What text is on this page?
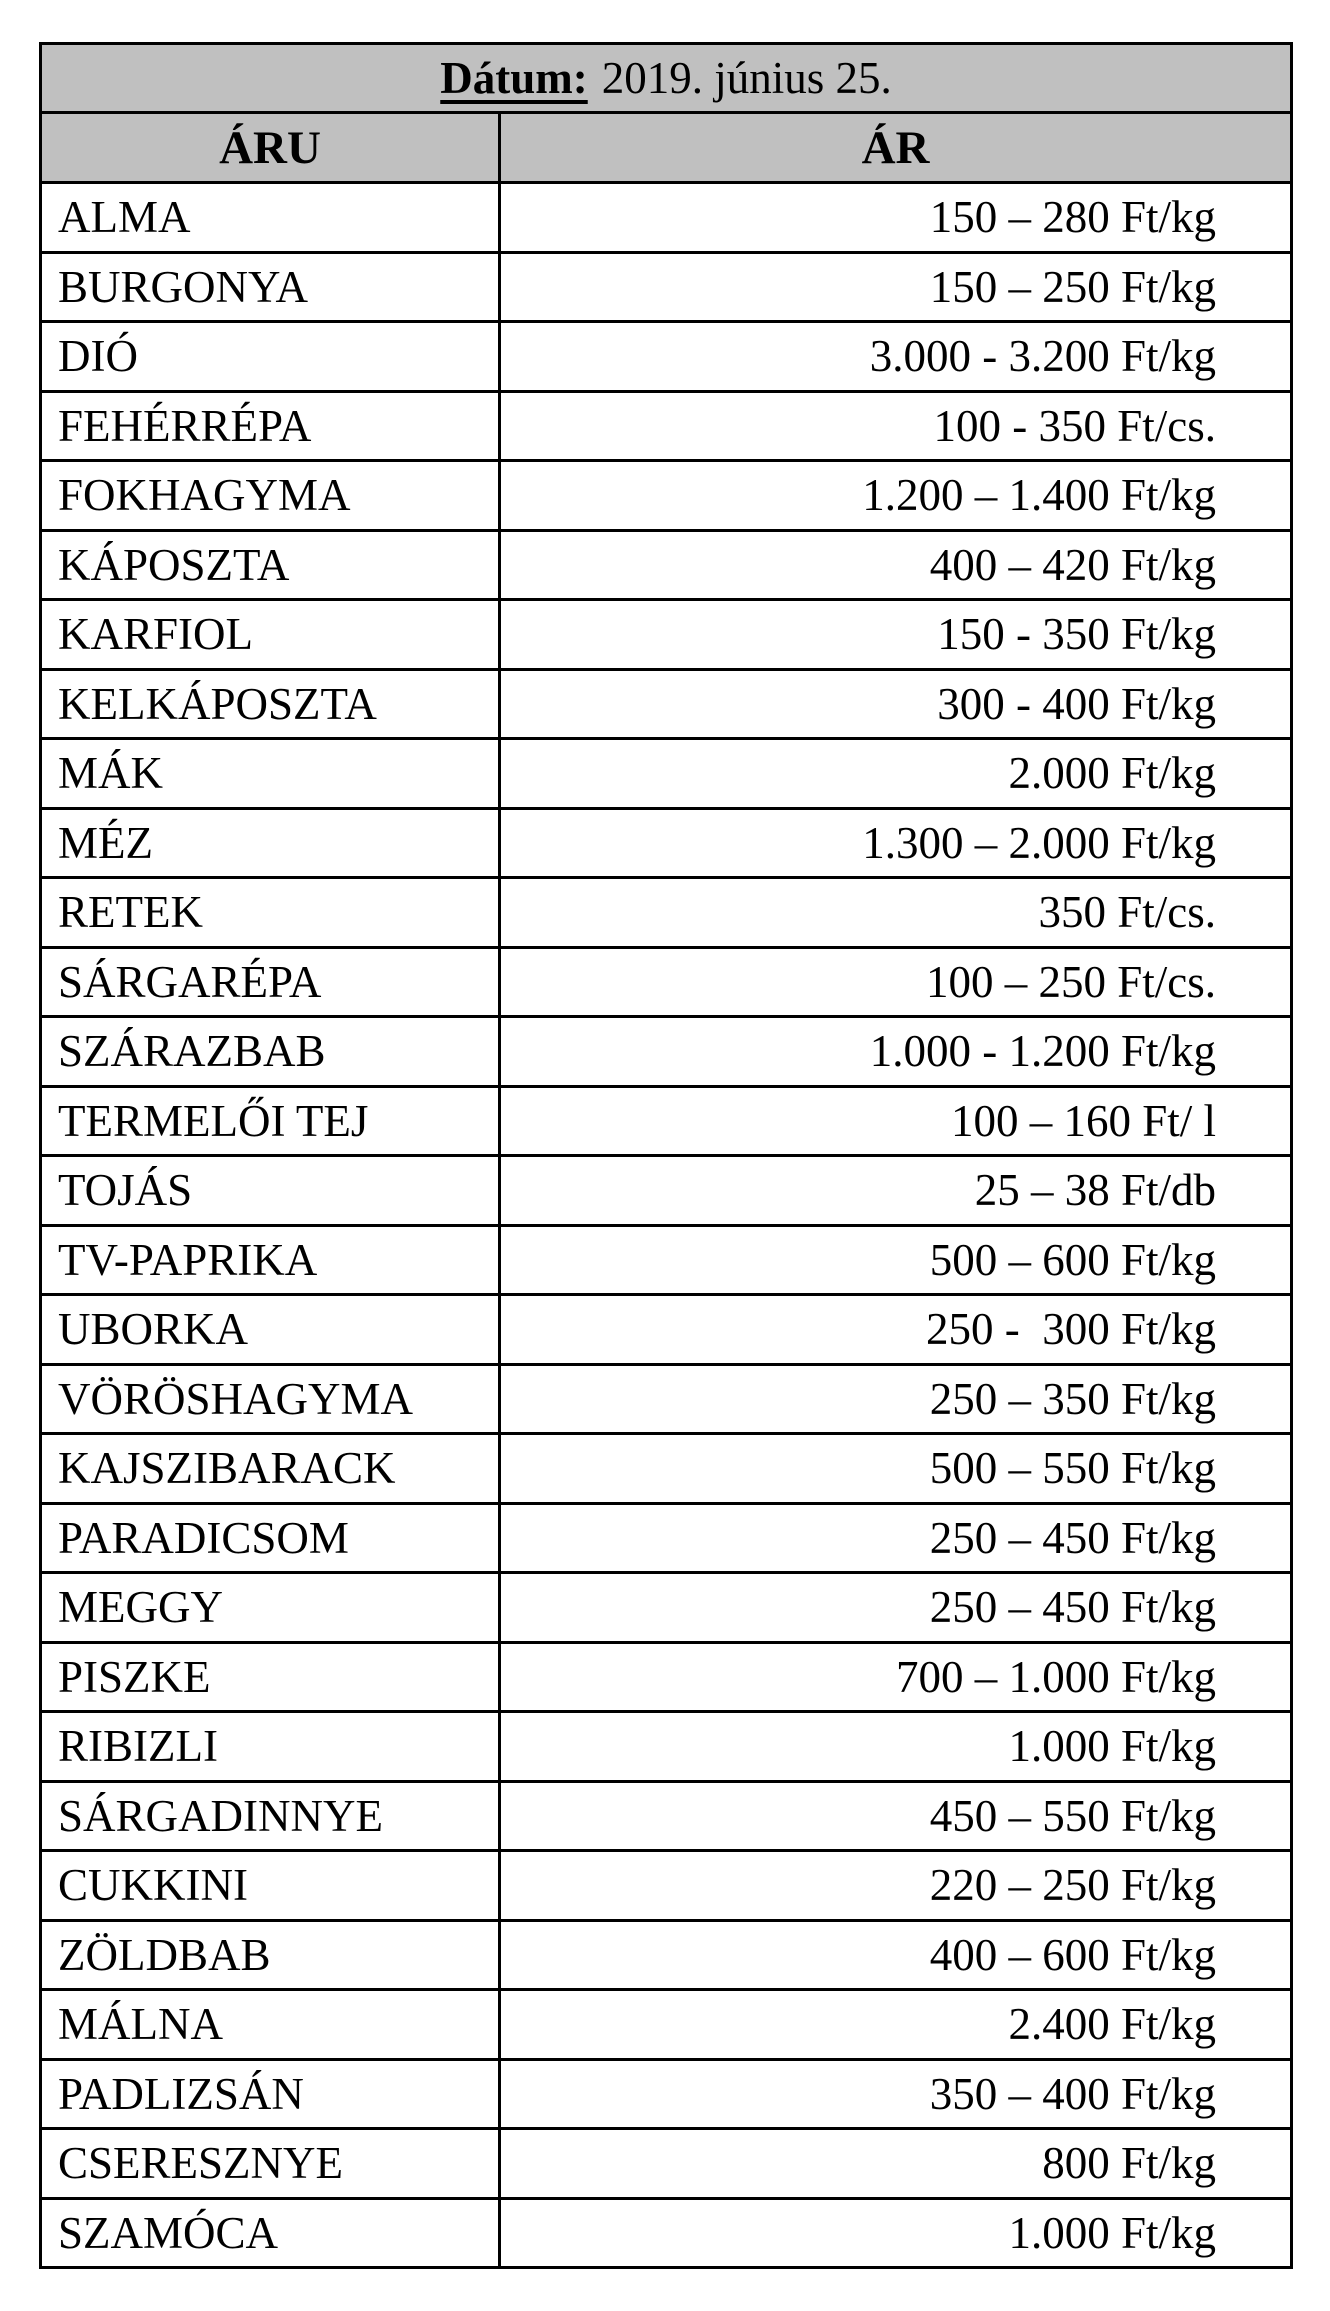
Dátum: 2019. június 25.	
ÁRU	ÁR
ALMA	150 – 280 Ft/kg
BURGONYA	150 – 250 Ft/kg
DIÓ	3.000 - 3.200 Ft/kg
FEHÉRRÉPA	100 - 350 Ft/cs.
FOKHAGYMA	1.200 – 1.400 Ft/kg
KÁPOSZTA	400 – 420 Ft/kg
KARFIOL	150 - 350 Ft/kg
KELKÁPOSZTA	300 - 400 Ft/kg
MÁK	2.000 Ft/kg
MÉZ	1.300 – 2.000 Ft/kg
RETEK	350 Ft/cs.
SÁRGARÉPA	100 – 250 Ft/cs.
SZÁRAZBAB	1.000 - 1.200 Ft/kg
TERMELŐI TEJ	100 – 160 Ft/ l
TOJÁS	25 – 38 Ft/db
TV-PAPRIKA	500 – 600 Ft/kg
UBORKA	250 -  300 Ft/kg
VÖRÖSHAGYMA	250 – 350 Ft/kg
KAJSZIBARACK	500 – 550 Ft/kg
PARADICSOM	250 – 450 Ft/kg
MEGGY	250 – 450 Ft/kg
PISZKE	700 – 1.000 Ft/kg
RIBIZLI	1.000 Ft/kg
SÁRGADINNYE	450 – 550 Ft/kg
CUKKINI	220 – 250 Ft/kg
ZÖLDBAB	400 – 600 Ft/kg
MÁLNA	2.400 Ft/kg
PADLIZSÁN	350 – 400 Ft/kg
CSERESZNYE	800 Ft/kg
SZAMÓCA	1.000 Ft/kg
